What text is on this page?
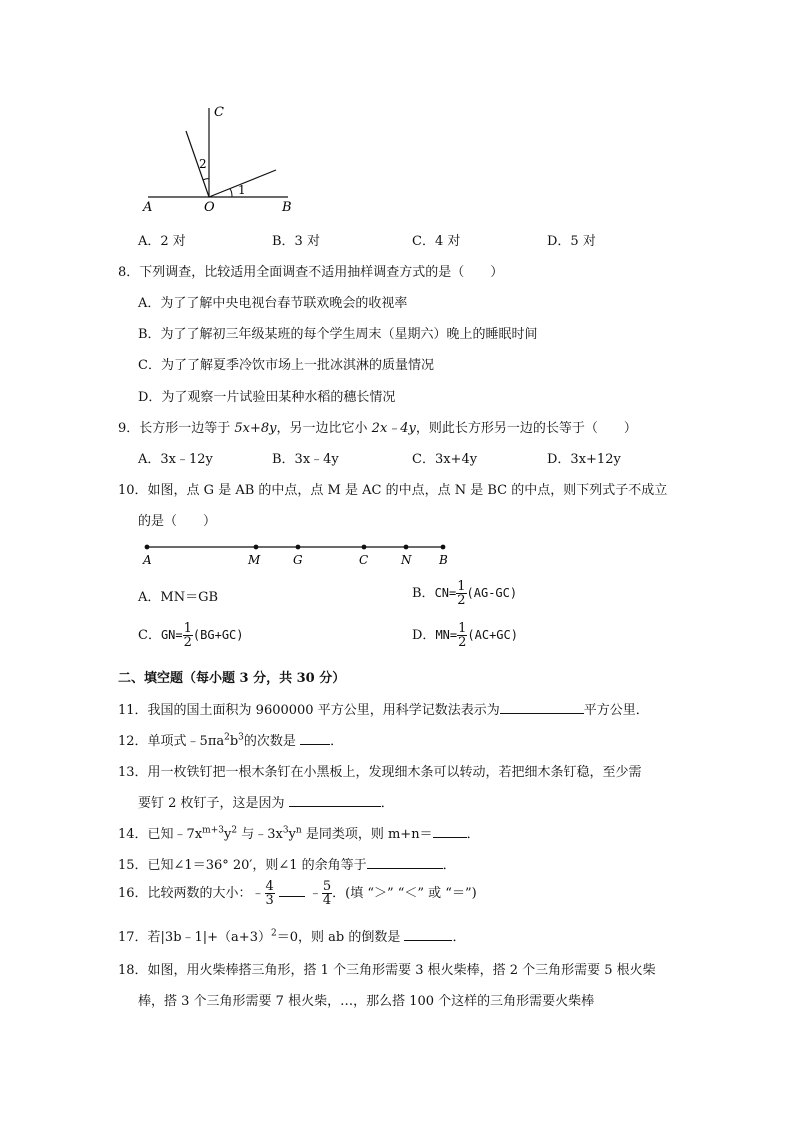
C
2
1
A	O	B
A．2 对	B．3 对	C．4 对	D．5 对
8．下列调查，比较适用全面调查不适用抽样调查方式的是（　　）
A．为了了解中央电视台春节联欢晚会的收视率
B．为了了解初三年级某班的每个学生周末（星期六）晚上的睡眠时间
C．为了了解夏季冷饮市场上一批冰淇淋的质量情况
D．为了观察一片试验田某种水稻的穗长情况
9．长方形一边等于 5x+8y，另一边比它小 2x﹣4y，则此长方形另一边的长等于（　　）
A．3x﹣12y	B．3x﹣4y	C．3x+4y	D．3x+12y
10．如图，点 G 是 AB 的中点，点 M 是 AC 的中点，点 N 是 BC 的中点，则下列式子不成立
的是（　　）
A	M	G	C	N B
A．MN＝GB	B．$CN= \frac{1}{2} (AG-GC)$
C．$GN= \frac{1}{2} (BG+GC)$	D．$MN= \frac{1}{2} (AC+GC)$
二、填空题（每小题 3 分，共 30 分）
11．我国的国土面积为 9600000 平方公里，用科学记数法表示为	平方公里．
12．单项式$﹣5\pi a^2b^3$的次数是	．
13．用一枚铁钉把一根木条钉在小黑板上，发现细木条可以转动，若把细木条钉稳，至少需
要钉 2 枚钉子，这是因为	．
14．已知$﹣7x^{m+3}y^2$ 与$﹣3x^3y^n$ 是同类项，则 m+n＝	．
15．已知∠1＝36° 20′，则∠1 的余角等于	．
16．比较两数的大小：﹣ $\frac{4}{3}$	﹣ $\frac{5}{4}$ ．(填 “＞” “＜” 或 “＝”)
17．若$|3b﹣1|+(a+3)^2=0$，则 ab 的倒数是	．
18．如图，用火柴棒搭三角形，搭 1 个三角形需要 3 根火柴棒，搭 2 个三角形需要 5 根火柴
棒，搭 3 个三角形需要 7 根火柴，…，那么搭 100 个这样的三角形需要火柴棒
